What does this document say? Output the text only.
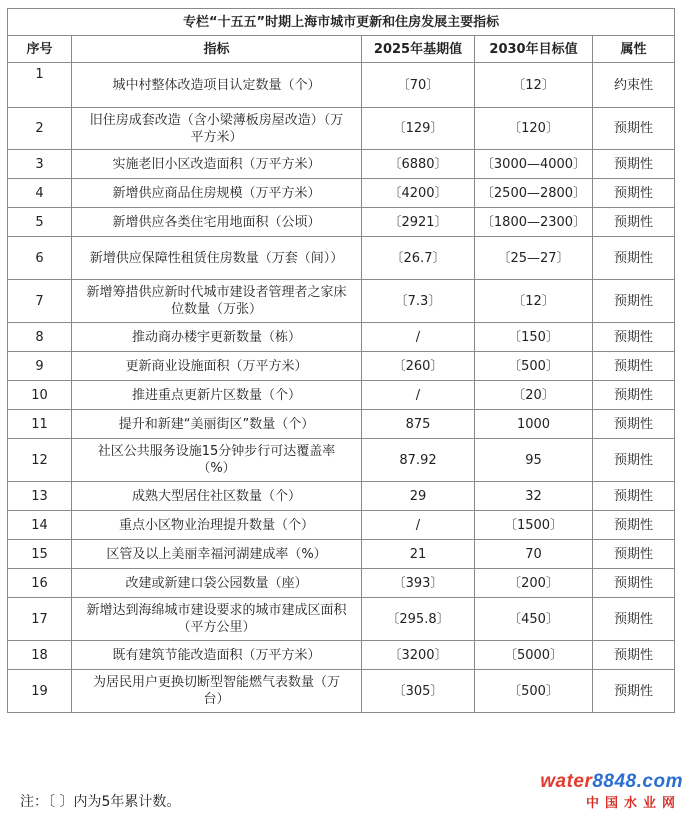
专栏“十五五”时期上海市城市更新和住房发展主要指标				
序号	指标	2025年基期值	2030年目标值	属性
1	城中村整体改造项目认定数量（个）	〔70〕	〔12〕	约束性
2	旧住房成套改造（含小梁薄板房屋改造）（万平方米）	〔129〕	〔120〕	预期性
3	实施老旧小区改造面积（万平方米）	〔6880〕	〔3000—4000〕	预期性
4	新增供应商品住房规模（万平方米）	〔4200〕	〔2500—2800〕	预期性
5	新增供应各类住宅用地面积（公顷）	〔2921〕	〔1800—2300〕	预期性
6	新增供应保障性租赁住房数量（万套（间））	〔26.7〕	〔25—27〕	预期性
7	新增筹措供应新时代城市建设者管理者之家床位数量（万张）	〔7.3〕	〔12〕	预期性
8	推动商办楼宇更新数量（栋）	/	〔150〕	预期性
9	更新商业设施面积（万平方米）	〔260〕	〔500〕	预期性
10	推进重点更新片区数量（个）	/	〔20〕	预期性
11	提升和新建“美丽街区”数量（个）	875	1000	预期性
12	社区公共服务设施15分钟步行可达覆盖率（%）	87.92	95	预期性
13	成熟大型居住社区数量（个）	29	32	预期性
14	重点小区物业治理提升数量（个）	/	〔1500〕	预期性
15	区管及以上美丽幸福河湖建成率（%）	21	70	预期性
16	改建或新建口袋公园数量（座）	〔393〕	〔200〕	预期性
17	新增达到海绵城市建设要求的城市建成区面积（平方公里）	〔295.8〕	〔450〕	预期性
18	既有建筑节能改造面积（万平方米）	〔3200〕	〔5000〕	预期性
19	为居民用户更换切断型智能燃气表数量（万台）	〔305〕	〔500〕	预期性
注：〔 〕内为5年累计数。
water8848.com
中国水业网
